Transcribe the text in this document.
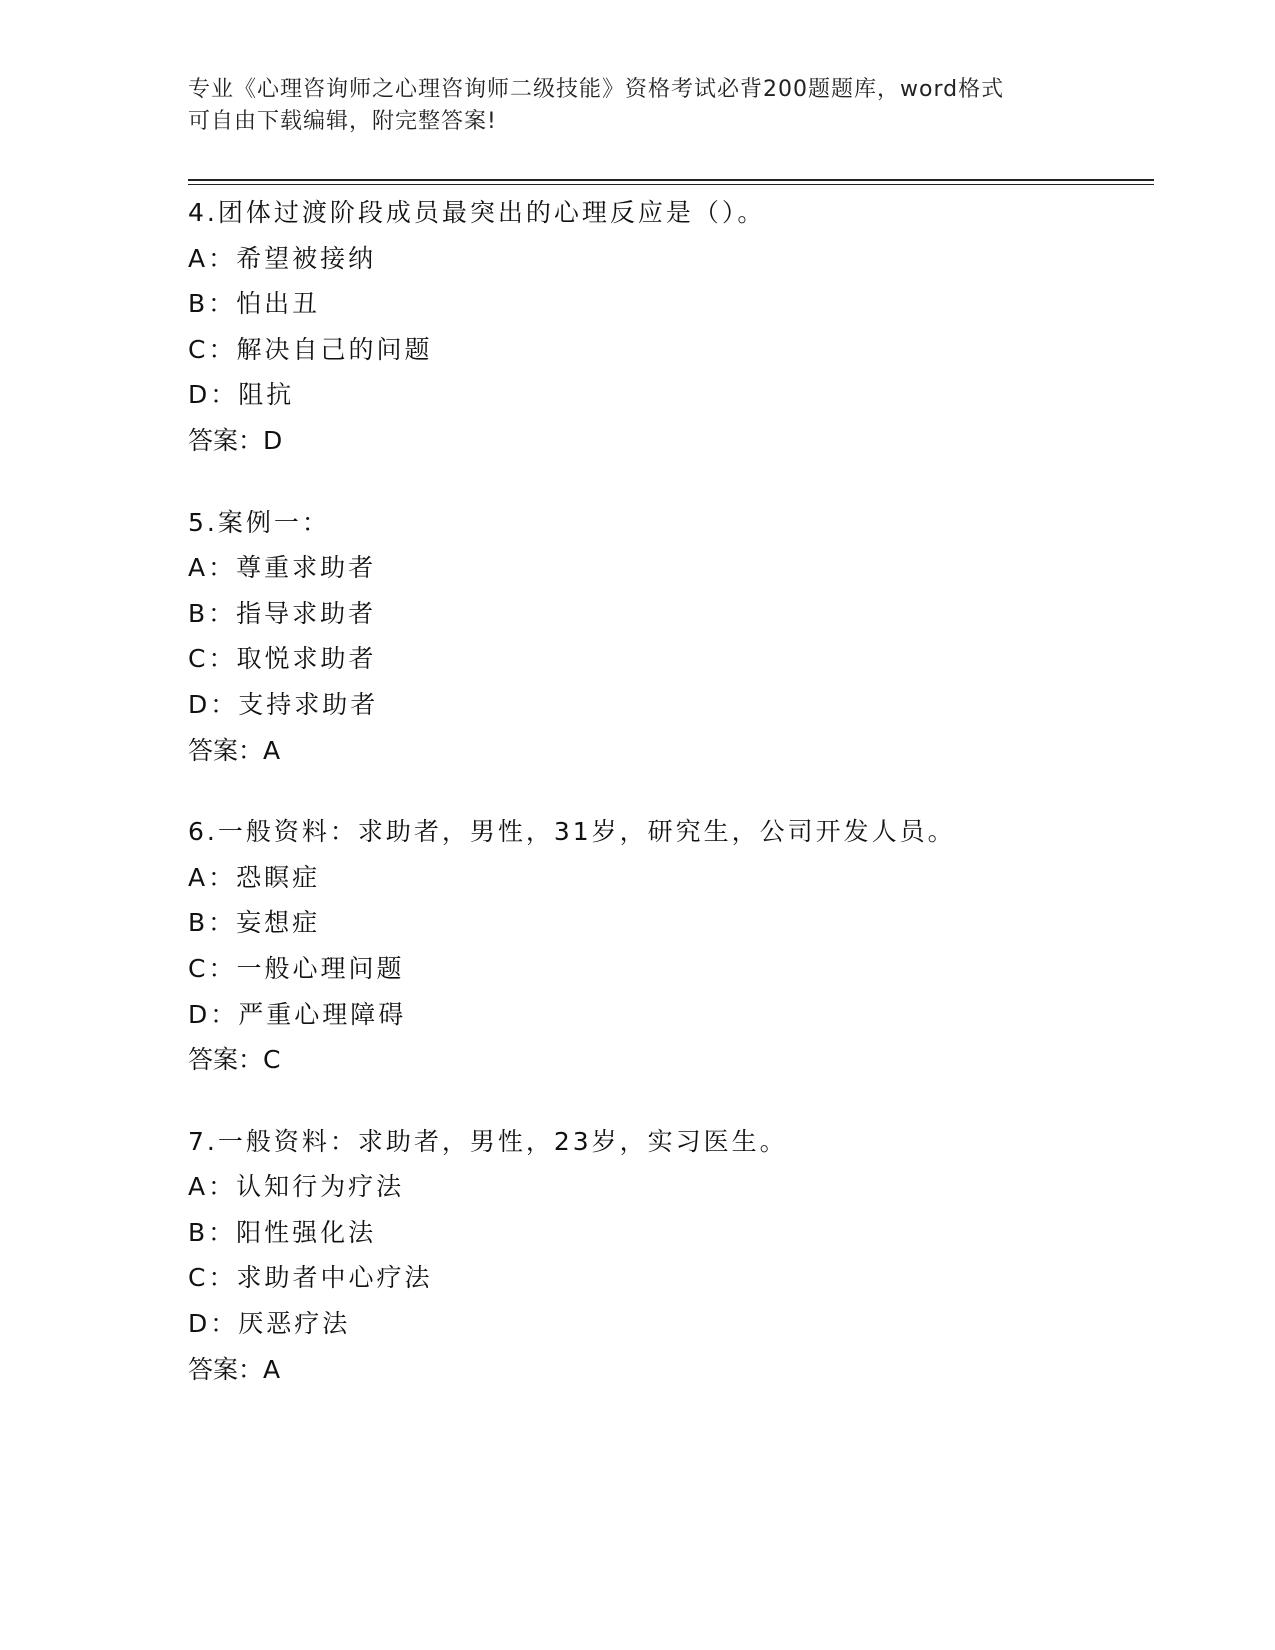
专业《心理咨询师之心理咨询师二级技能》资格考试必背200题题库，word格式
可自由下载编辑，附完整答案!
4.团体过渡阶段成员最突出的心理反应是（）。
A：希望被接纳
B：怕出丑
C：解决自己的问题
D：阻抗
答案：D
5.案例一：
A：尊重求助者
B：指导求助者
C：取悦求助者
D：支持求助者
答案：A
6.一般资料：求助者，男性，31岁，研究生，公司开发人员。
A：恐瞑症
B：妄想症
C：一般心理问题
D：严重心理障碍
答案：C
7.一般资料：求助者，男性，23岁，实习医生。
A：认知行为疗法
B：阳性强化法
C：求助者中心疗法
D：厌恶疗法
答案：A
